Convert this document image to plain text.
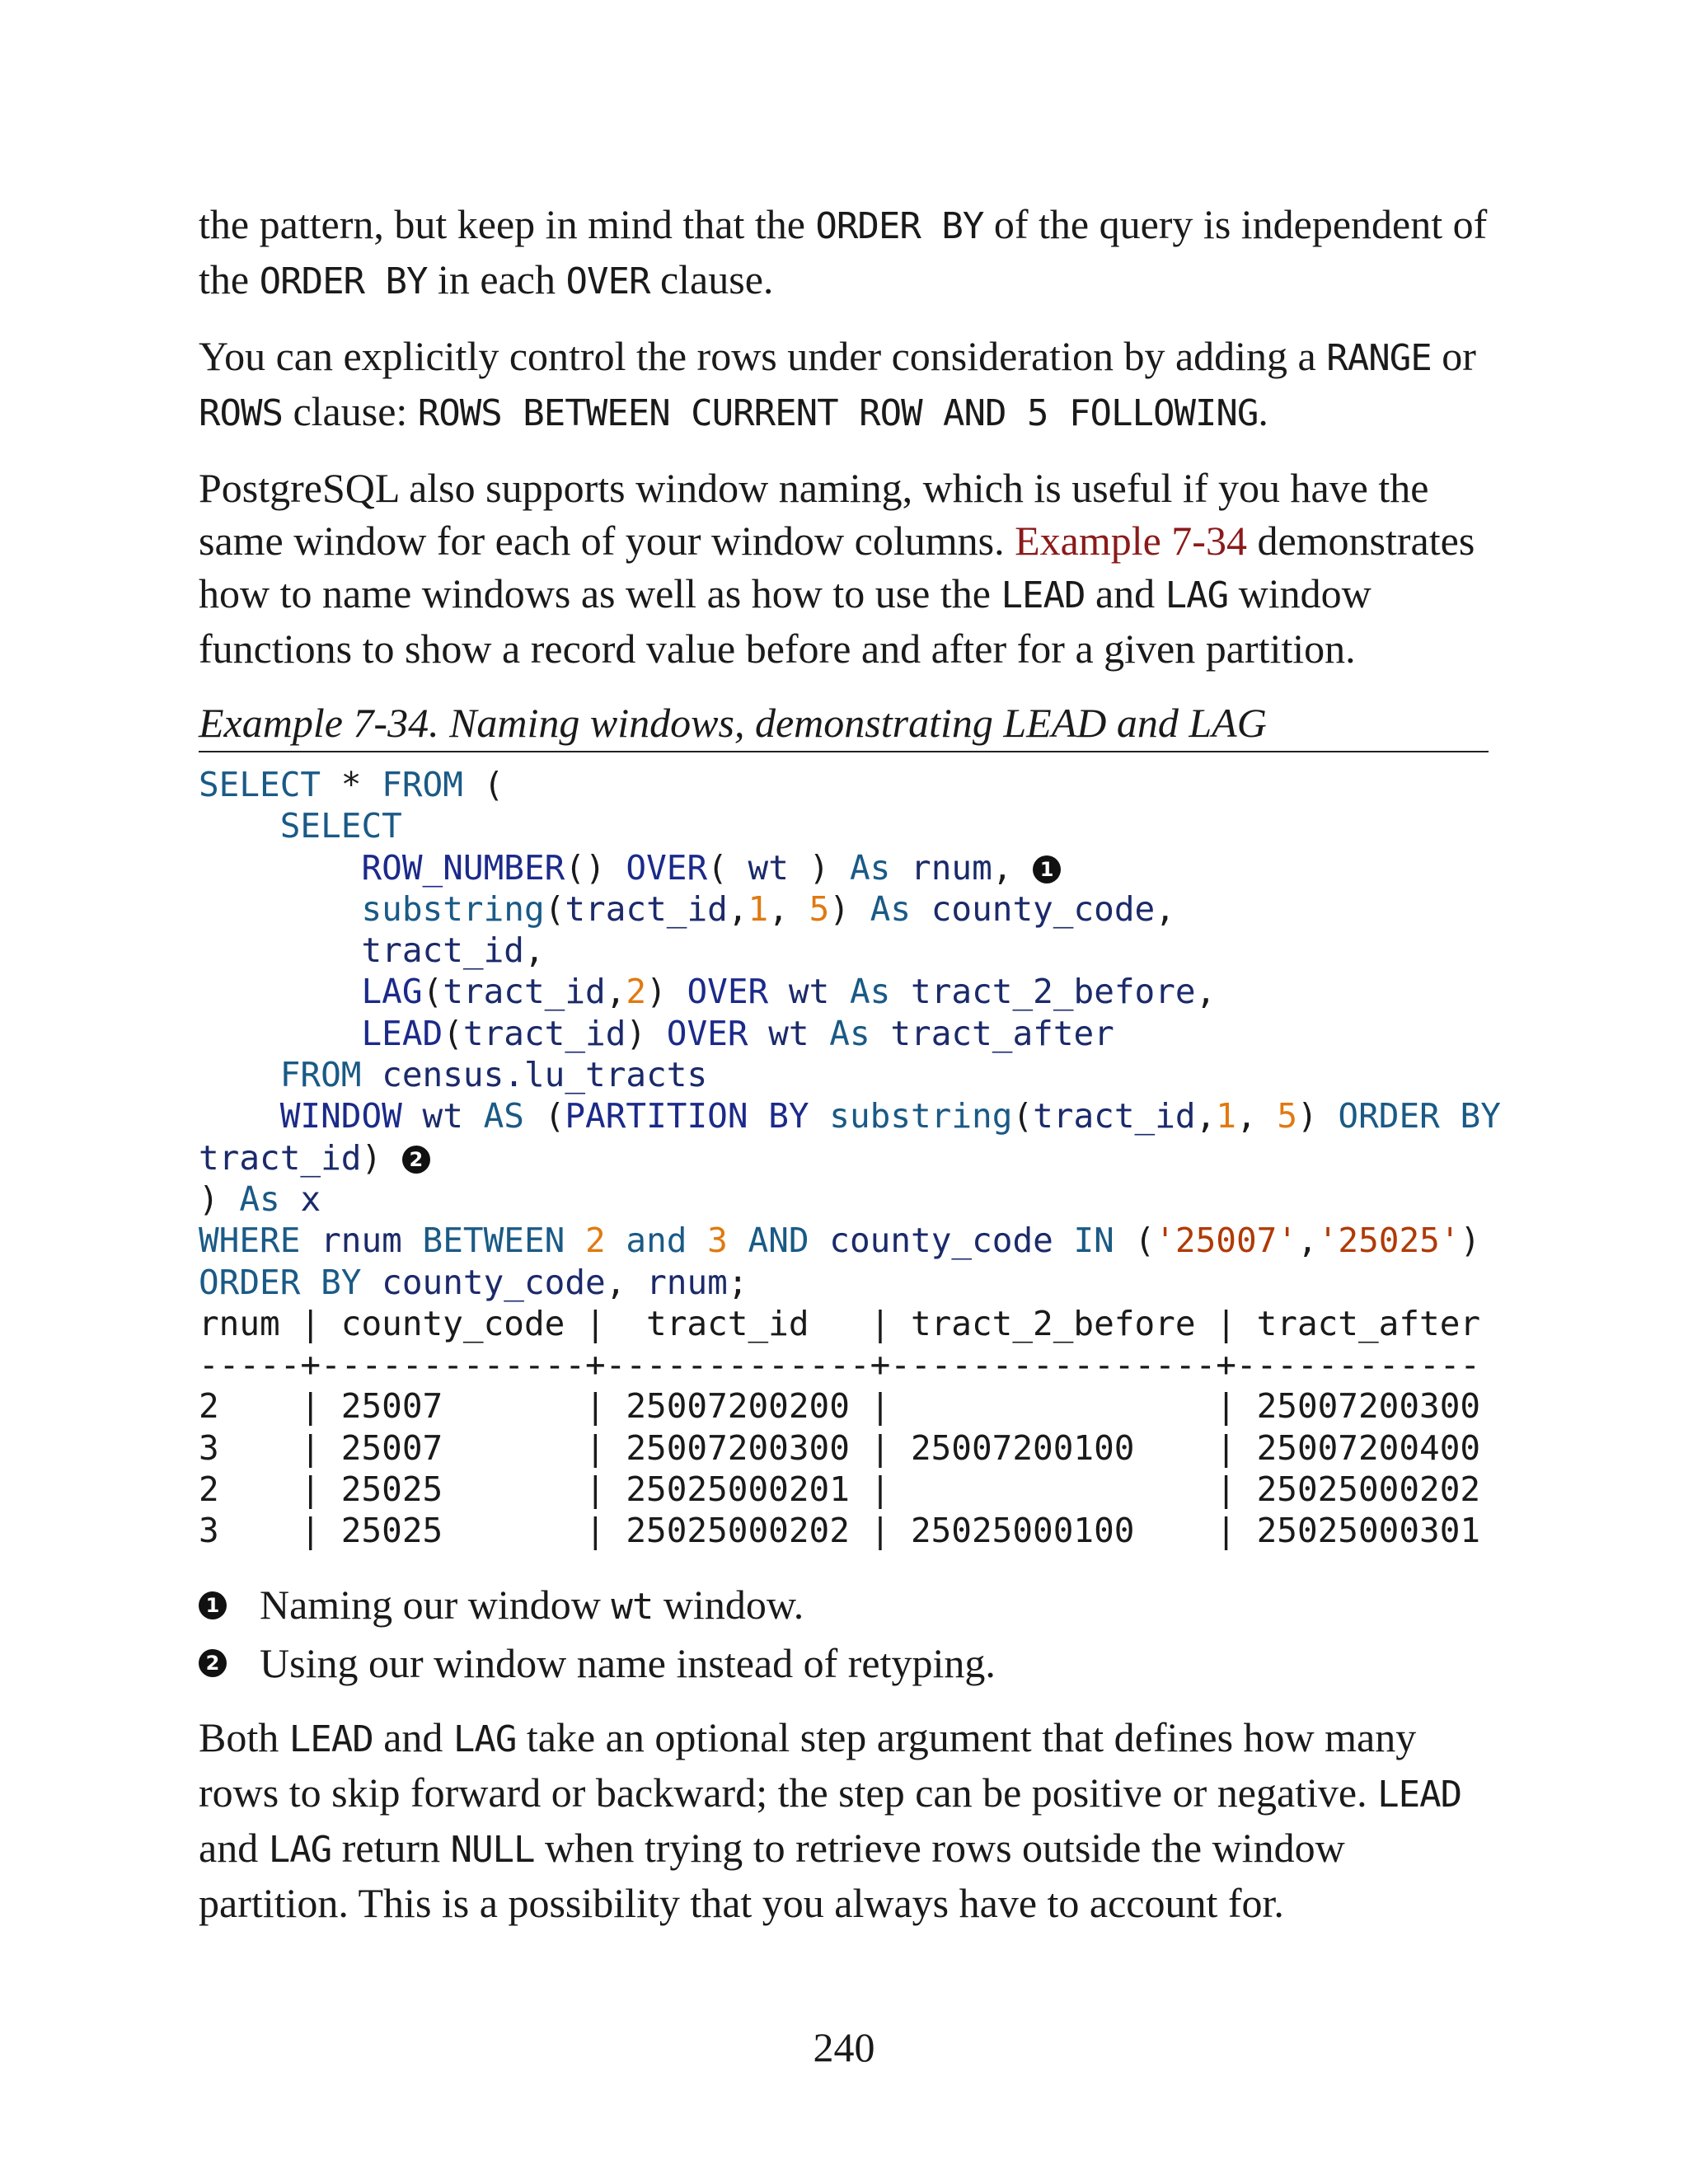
the pattern, but keep in mind that the ORDER BY of the query is independent of the ORDER BY in each OVER clause.

You can explicitly control the rows under consideration by adding a RANGE or ROWS clause: ROWS BETWEEN CURRENT ROW AND 5 FOLLOWING.

PostgreSQL also supports window naming, which is useful if you have the same window for each of your window columns. Example 7-34 demonstrates how to name windows as well as how to use the LEAD and LAG window functions to show a record value before and after for a given partition.

Example 7-34. Naming windows, demonstrating LEAD and LAG
SELECT * FROM (
SELECT
ROW_NUMBER() OVER( wt ) As rnum, 1
substring(tract_id,1, 5) As county_code,
tract_id,
LAG(tract_id,2) OVER wt As tract_2_before,
LEAD(tract_id) OVER wt As tract_after
FROM census.lu_tracts
WINDOW wt AS (PARTITION BY substring(tract_id,1, 5) ORDER BY
tract_id) 2
) As x
WHERE rnum BETWEEN 2 and 3 AND county_code IN ('25007','25025')
ORDER BY county_code, rnum;
rnum | county_code |  tract_id   | tract_2_before | tract_after
-----+-------------+-------------+----------------+------------
2    | 25007       | 25007200200 |                | 25007200300
3    | 25007       | 25007200300 | 25007200100    | 25007200400
2    | 25025       | 25025000201 |                | 25025000202
3    | 25025       | 25025000202 | 25025000100    | 25025000301
1 Naming our window wt window.
2 Using our window name instead of retyping.

Both LEAD and LAG take an optional step argument that defines how many rows to skip forward or backward; the step can be positive or negative. LEAD and LAG return NULL when trying to retrieve rows outside the window partition. This is a possibility that you always have to account for.

240
